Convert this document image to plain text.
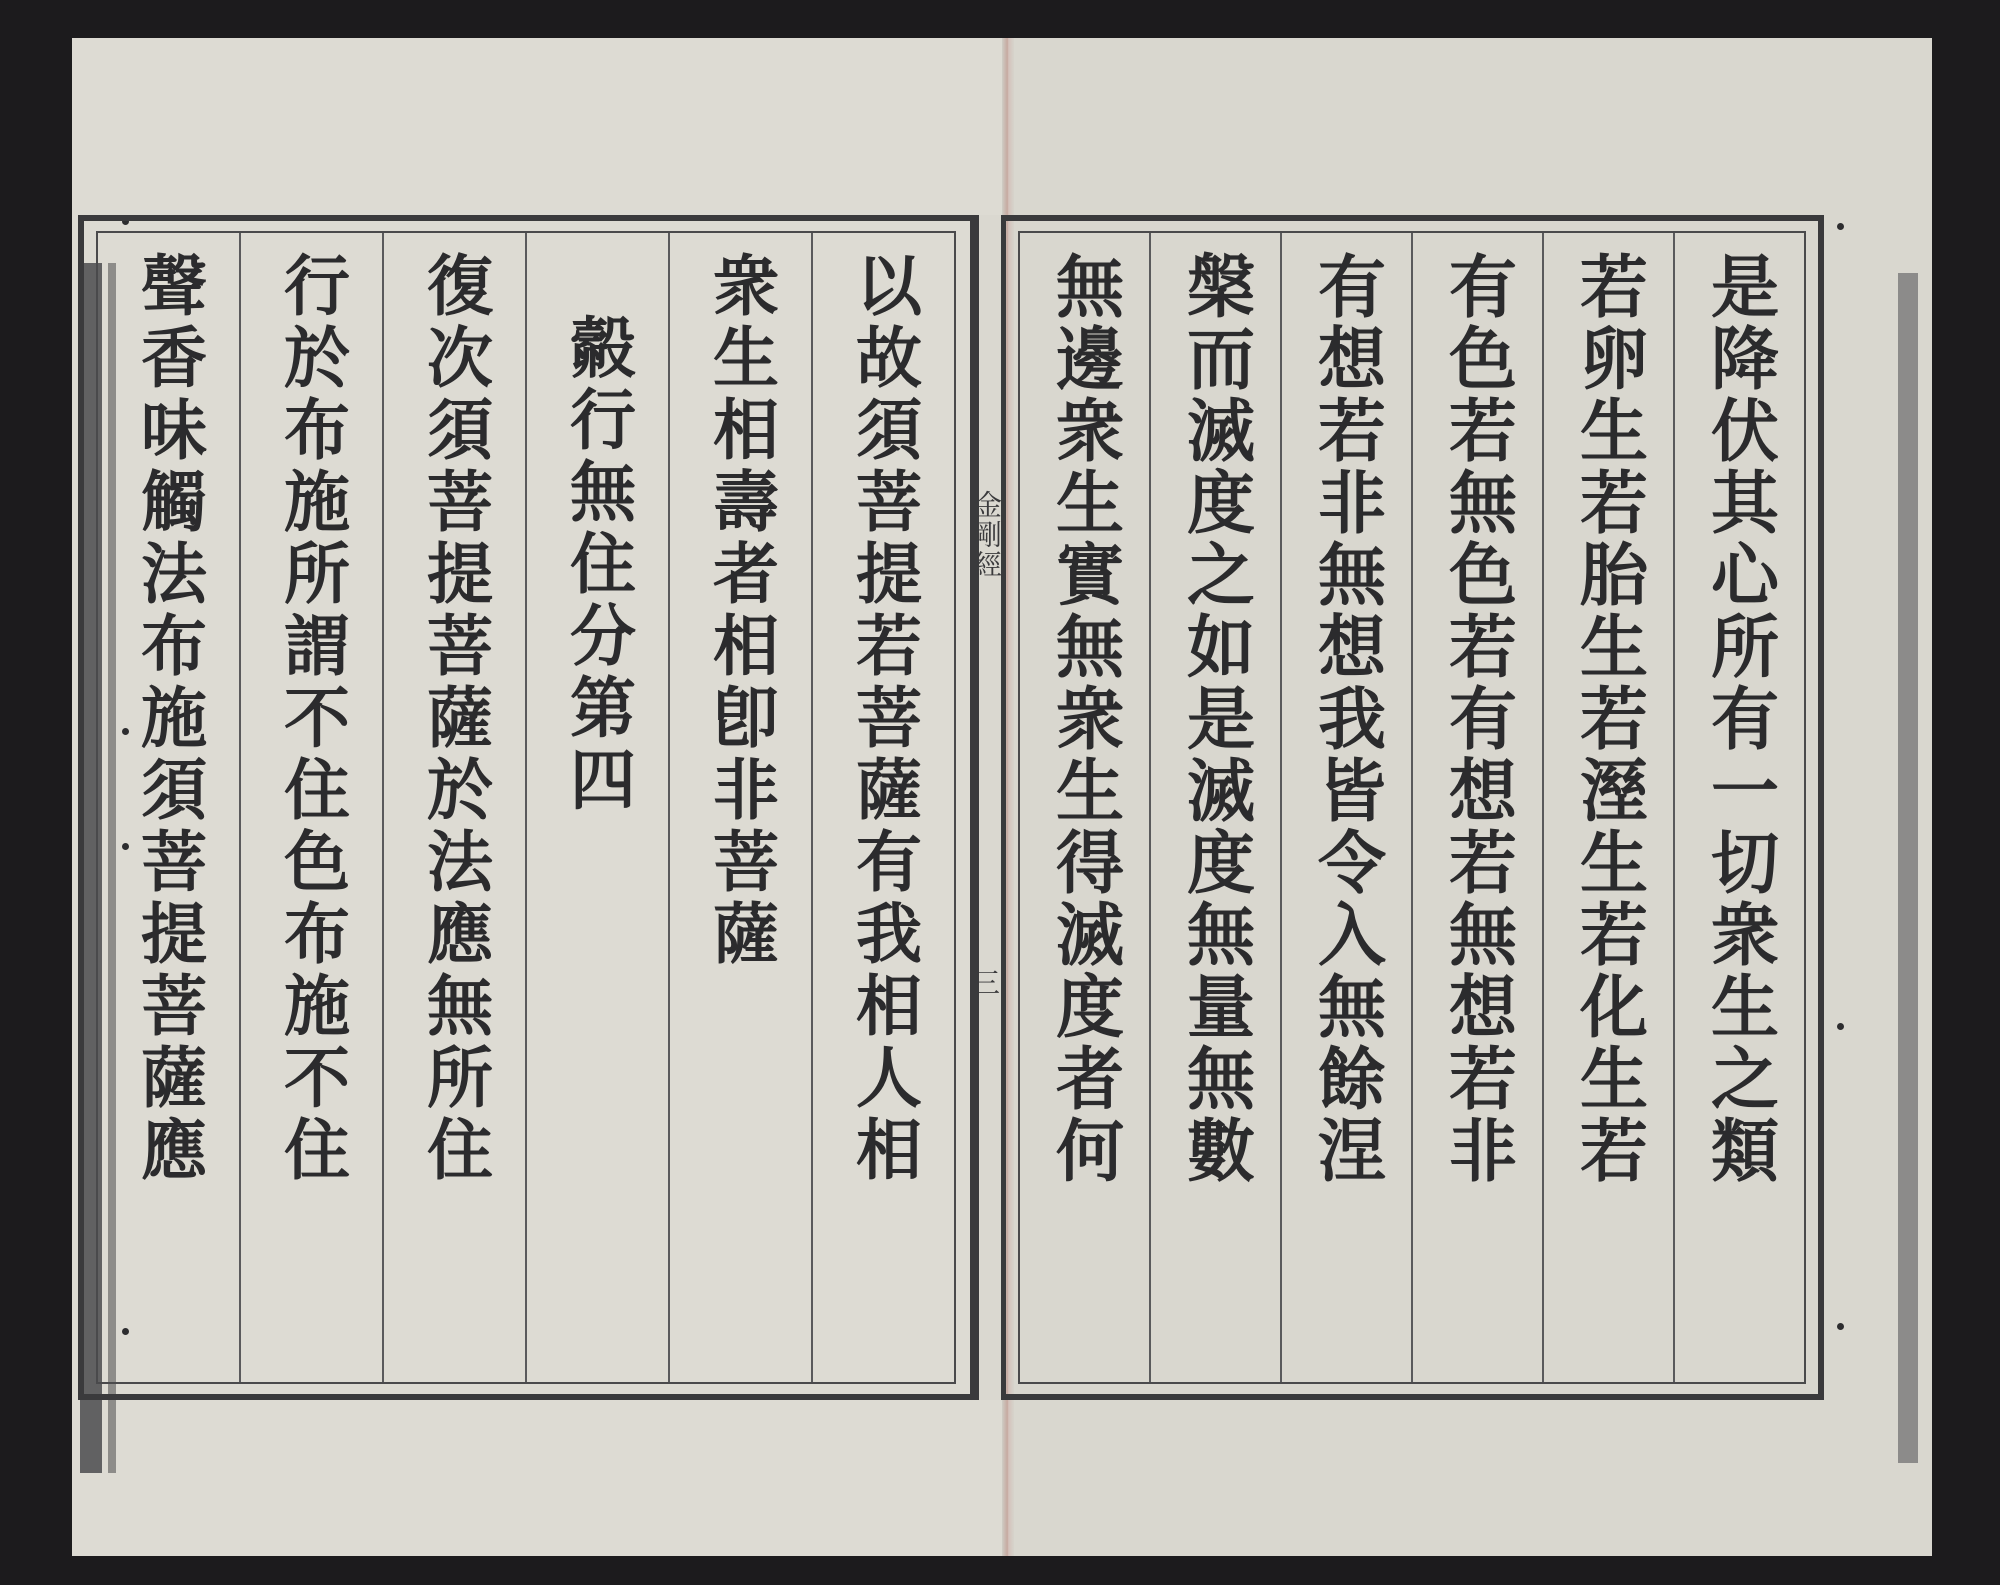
是降伏其心所有一切衆生之類
若卵生若胎生若溼生若化生若
有色若無色若有想若無想若非
有想若非無想我皆令入無餘涅
槃而滅度之如是滅度無量無數
無邊衆生實無衆生得滅度者何
金剛經
三
以故須菩提若菩薩有我相人相
衆生相壽者相卽非菩薩
㲉行無住分第四
復次須菩提菩薩於法應無所住
行於布施所謂不住色布施不住
聲香味觸法布施須菩提菩薩應
